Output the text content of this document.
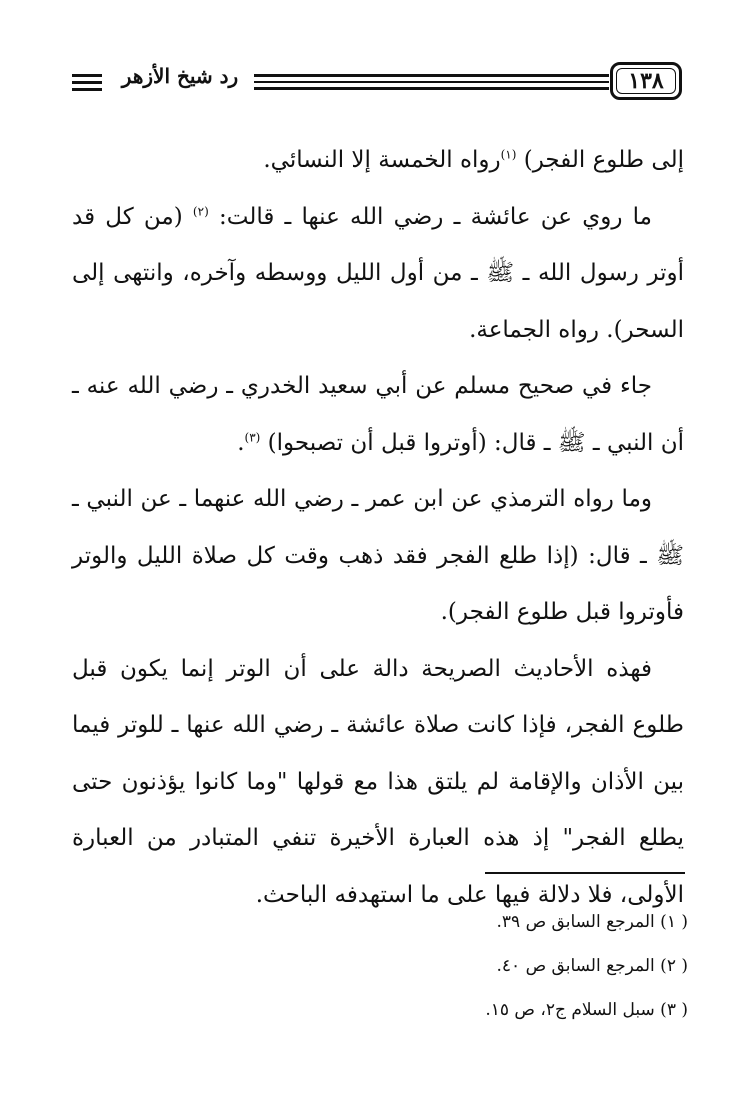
رد شيخ الأزهر	١٣٨

إلى طلوع الفجر) $^{(١)}$رواه الخمسة إلا النسائي.

ما روي عن عائشة ـ رضي الله عنها ـ قالت: $^{(٢)}$ (من كل قد أوتر رسول الله ـ ﷺ ـ من أول الليل ووسطه وآخره، وانتهى إلى السحر). رواه الجماعة.

جاء في صحيح مسلم عن أبي سعيد الخدري ـ رضي الله عنه ـ أن النبي ـ ﷺ ـ قال: (أوتروا قبل أن تصبحوا) $^{(٣)}$.

وما رواه الترمذي عن ابن عمر ـ رضي الله عنهما ـ عن النبي ـ ﷺ ـ قال: (إذا طلع الفجر فقد ذهب وقت كل صلاة الليل والوتر فأوتروا قبل طلوع الفجر).

فهذه الأحاديث الصريحة دالة على أن الوتر إنما يكون قبل طلوع الفجر، فإذا كانت صلاة عائشة ـ رضي الله عنها ـ للوتر فيما بين الأذان والإقامة لم يلتق هذا مع قولها "وما كانوا يؤذنون حتى يطلع الفجر" إذ هذه العبارة الأخيرة تنفي المتبادر من العبارة الأولى، فلا دلالة فيها على ما استهدفه الباحث.

( ١) المرجع السابق ص ٣٩.

( ٢) المرجع السابق ص ٤٠.

( ٣) سبل السلام ج٢، ص ١٥.
